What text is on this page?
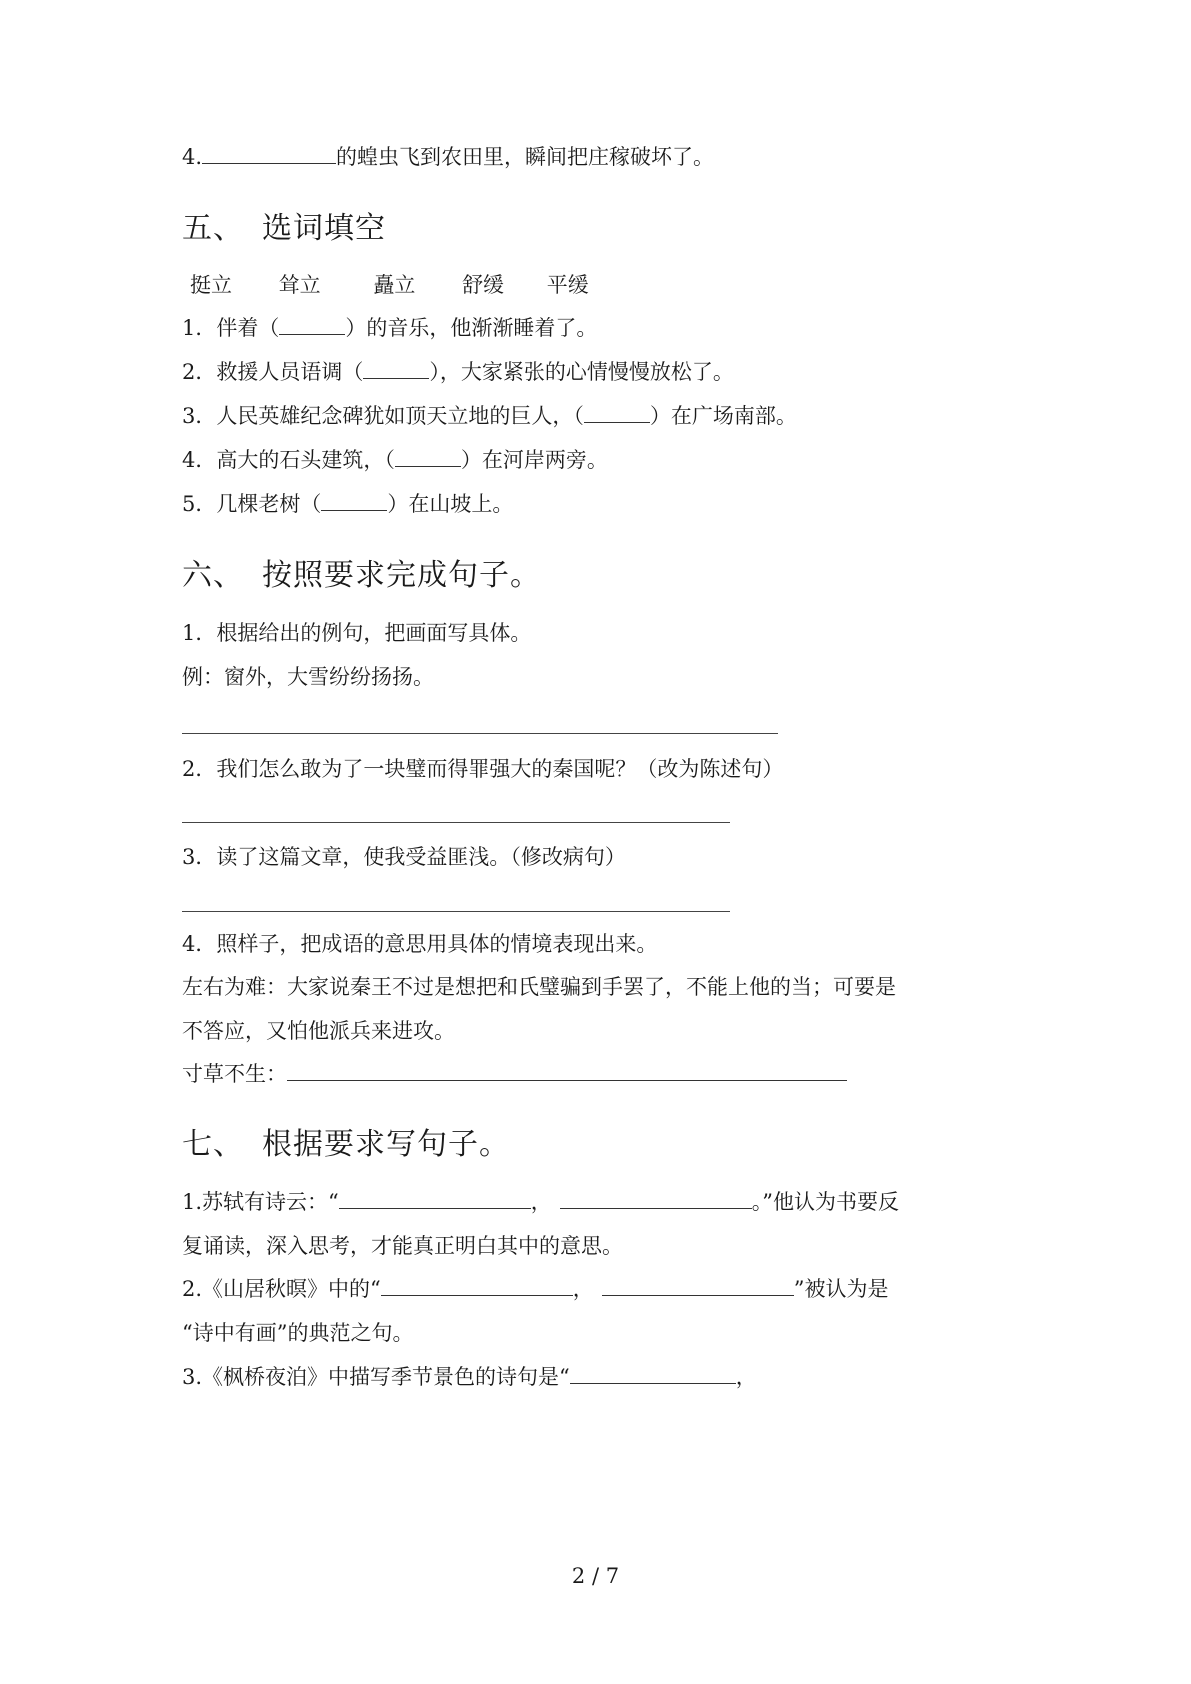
4.	的蝗虫飞到农田里，瞬间把庄稼破坏了。
五、 选词填空
挺立 耸立	矗立 舒缓 平缓
1．伴着（	）的音乐，他渐渐睡着了。
2．救援人员语调（	），大家紧张的心情慢慢放松了。
3．人民英雄纪念碑犹如顶天立地的巨人，（	）在广场南部。
4．高大的石头建筑，（	）在河岸两旁。
5．几棵老树（	）在山坡上。
六、 按照要求完成句子。
1．根据给出的例句，把画面写具体。
例：窗外，大雪纷纷扬扬。
2．我们怎么敢为了一块璧而得罪强大的秦国呢？（改为陈述句）
3．读了这篇文章，使我受益匪浅。（修改病句）
4．照样子，把成语的意思用具体的情境表现出来。
左右为难：大家说秦王不过是想把和氏璧骗到手罢了，不能上他的当；可要是
不答应，又怕他派兵来进攻。
寸草不生：
七、 根据要求写句子。
1.苏轼有诗云：“	，	。”他认为书要反
复诵读，深入思考，才能真正明白其中的意思。
2.《山居秋暝》中的“	，	”被认为是
“诗中有画”的典范之句。
3.《枫桥夜泊》中描写季节景色的诗句是“	，
2 / 7
